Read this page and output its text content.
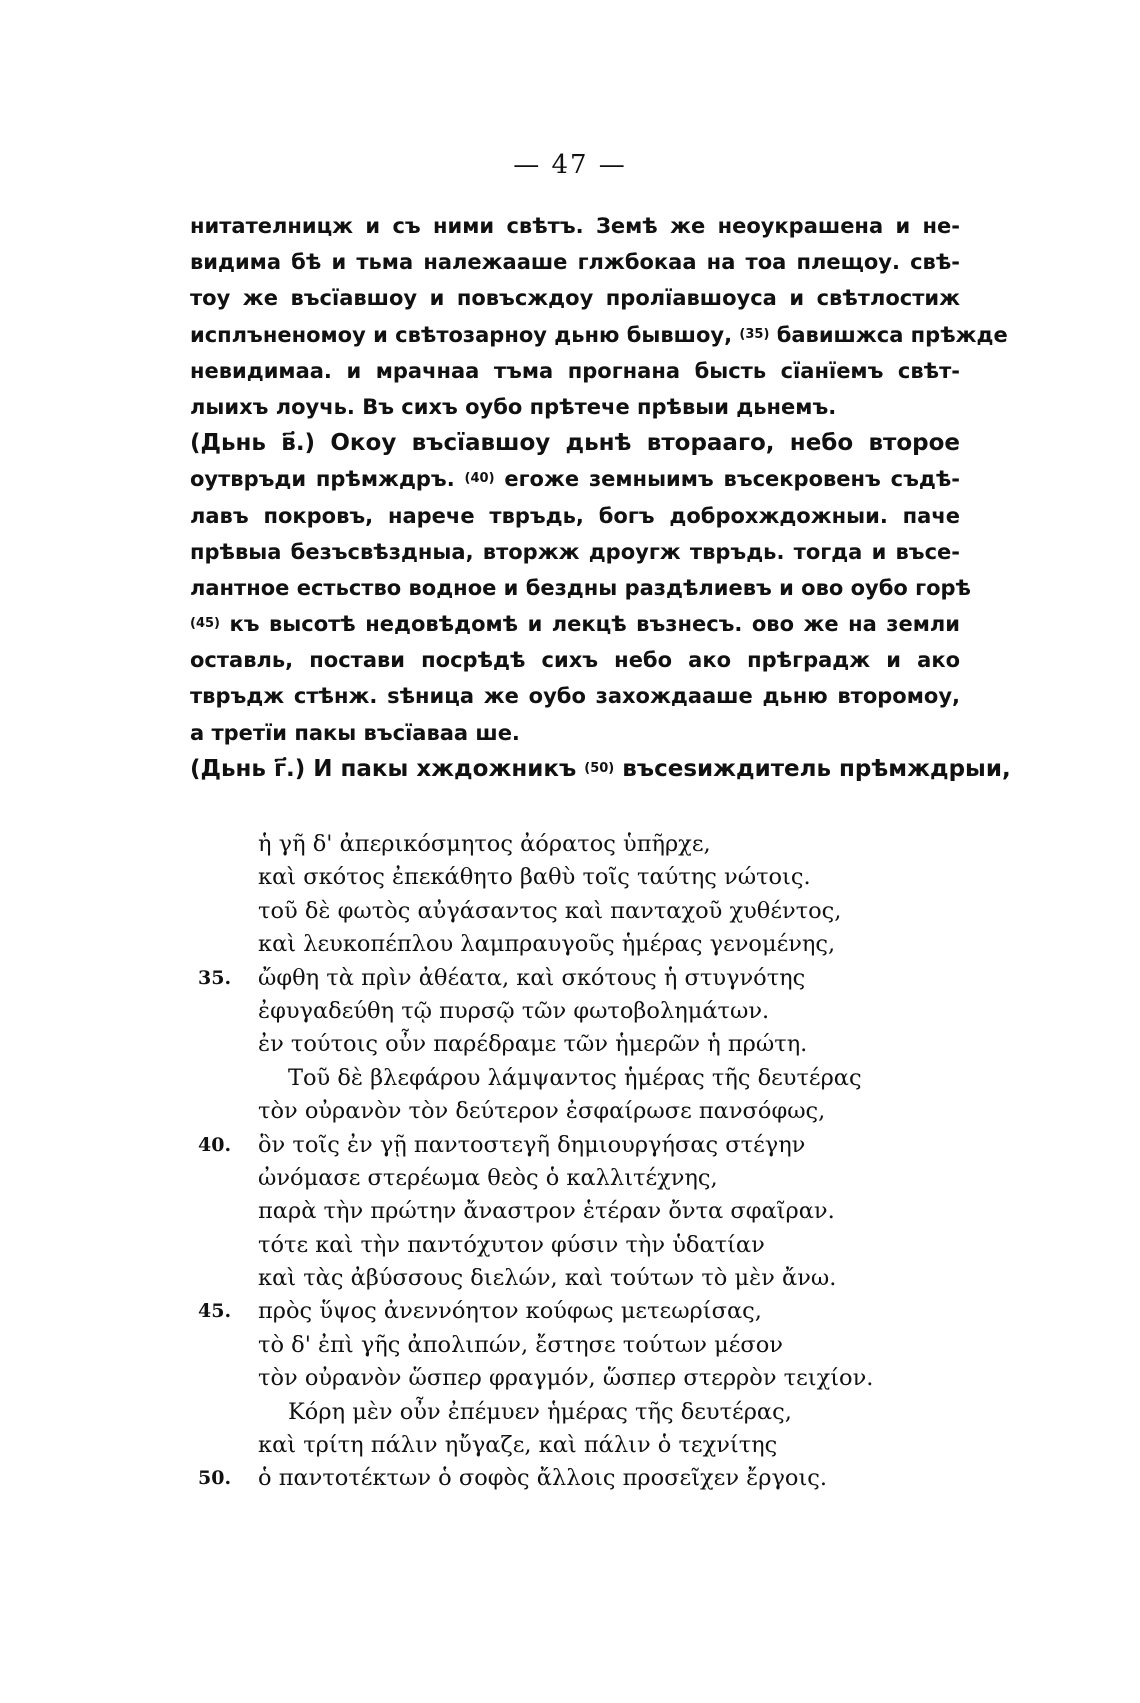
— 47 —
нитателницж и съ ними свѣтъ. Земѣ же неоукрашена и не-
видима бѣ и тьма належааше глжбокаа на тоа плещоу. свѣ-
тоу же въсїавшоу и повъсждоу пролїавшоуса и свѣтлостиж
исплъненомоу и свѣтозарноу дьню бывшоу, (35) бавишжса прѣжде
невидимаа. и мрачнаа тъма прогнана бысть сїанїемъ свѣт-
лыихъ лоучь. Въ сихъ оубо прѣтече прѣвыи дьнемъ.
(Дьнь в҃.) Окоу въсїавшоу дьнѣ вторааго, небо второе
оутвръди прѣмждръ. (40) егоже земныимъ въсекровенъ съдѣ-
лавъ покровъ, нарече твръдь, богъ доброхждожныи. паче
прѣвыа безъсвѣздныа, вторжж дроугж твръдь. тогда и въсе-
лантное естьство водное и бездны раздѣлиевъ и ово оубо горѣ
(45) къ высотѣ недовѣдомѣ и лекцѣ възнесъ. ово же на земли
оставль, постави посрѣдѣ сихъ небо ако прѣградж и ако
твръдж стѣнж. ѕѣница же оубо захождааше дьню второмоу,
а третїи пакы въсїаваа ше.
(Дьнь г҃.) И пакы хждожникъ (50) въсеѕиждитель прѣмждрыи,
ἡ γῆ δ' ἀπερικόσμητος ἀόρατος ὑπῆρχε,
καὶ σκότος ἐπεκάθητο βαθὺ τοῖς ταύτης νώτοις.
τοῦ δὲ φωτὸς αὐγάσαντος καὶ πανταχοῦ χυθέντος,
καὶ λευκοπέπλου λαμπραυγοῦς ἡμέρας γενομένης,
35.	ὤφθη τὰ πρὶν ἀθέατα, καὶ σκότους ἡ στυγνότης
ἐφυγαδεύθη τῷ πυρσῷ τῶν φωτοβολημάτων.
ἐν τούτοις οὖν παρέδραμε τῶν ἡμερῶν ἡ πρώτη.
Τοῦ δὲ βλεφάρου λάμψαντος ἡμέρας τῆς δευτέρας
τὸν οὐρανὸν τὸν δεύτερον ἐσφαίρωσε πανσόφως,
40.	ὃν τοῖς ἐν γῇ παντοστεγῆ δημιουργήσας στέγην
ὠνόμασε στερέωμα θεὸς ὁ καλλιτέχνης,
παρὰ τὴν πρώτην ἄναστρον ἑτέραν ὄντα σφαῖραν.
τότε καὶ τὴν παντόχυτον φύσιν τὴν ὑδατίαν
καὶ τὰς ἀβύσσους διελών, καὶ τούτων τὸ μὲν ἄνω.
45.	πρὸς ὕψος ἀνεννόητον κούφως μετεωρίσας,
τὸ δ' ἐπὶ γῆς ἀπολιπών, ἔστησε τούτων μέσον
τὸν οὐρανὸν ὥσπερ φραγμόν, ὥσπερ στερρὸν τειχίον.
Κόρη μὲν οὖν ἐπέμυεν ἡμέρας τῆς δευτέρας,
καὶ τρίτη πάλιν ηὔγαζε, καὶ πάλιν ὁ τεχνίτης
50.	ὁ παντοτέκτων ὁ σοφὸς ἄλλοις προσεῖχεν ἔργοις.
